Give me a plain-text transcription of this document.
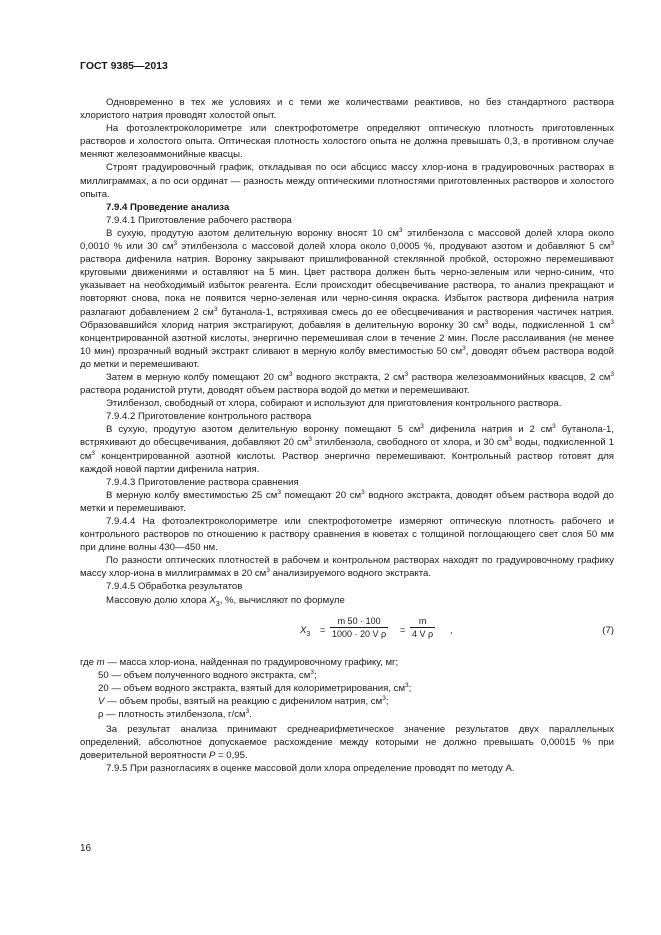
ГОСТ 9385—2013

Одновременно в тех же условиях и с теми же количествами реактивов, но без стандартного раствора хлористого натрия проводят холостой опыт.

На фотоэлектроколориметре или спектрофотометре определяют оптическую плотность приготовленных растворов и холостого опыта. Оптическая плотность холостого опыта не должна превышать 0,3, в противном случае меняют железоаммонийные квасцы.

Строят градуировочный график, откладывая по оси абсцисс массу хлор-иона в градуировочных растворах в миллиграммах, а по оси ординат — разность между оптическими плотностями приготовленных растворов и холостого опыта.

7.9.4 Проведение анализа

7.9.4.1 Приготовление рабочего раствора

В сухую, продутую азотом делительную воронку вносят 10 $см^3$ этилбензола с массовой долей хлора около 0,0010 % или 30 $см^3$ этилбензола с массовой долей хлора около 0,0005 %, продувают азотом и добавляют 5 $см^3$ раствора дифенила натрия. Воронку закрывают пришлифованной стеклянной пробкой, осторожно перемешивают круговыми движениями и оставляют на 5 мин. Цвет раствора должен быть черно-зеленым или черно-синим, что указывает на необходимый избыток реагента. Если происходит обесцвечивание раствора, то анализ прекращают и повторяют снова, пока не появится черно-зеленая или черно-синяя окраска. Избыток раствора дифенила натрия разлагают добавлением 2 $см^3$ бутанола-1, встряхивая смесь до ее обесцвечивания и растворения частичек натрия. Образовавшийся хлорид натрия экстрагируют, добавляя в делительную воронку 30 $см^3$ воды, подкисленной 1 $см^3$ концентрированной азотной кислоты, энергично перемешивая слои в течение 2 мин. После расслаивания (не менее 10 мин) прозрачный водный экстракт сливают в мерную колбу вместимостью 50 $см^3$, доводят объем раствора водой до метки и перемешивают.

Затем в мерную колбу помещают 20 $см^3$ водного экстракта, 2 $см^3$ раствора железоаммонийных квасцов, 2 $см^3$ раствора роданистой ртути, доводят объем раствора водой до метки и перемешивают.

Этилбензол, свободный от хлора, собирают и используют для приготовления контрольного раствора.

7.9.4.2 Приготовление контрольного раствора

В сухую, продутую азотом делительную воронку помещают 5 $см^3$ дифенила натрия и 2 $см^3$ бутанола-1, встряхивают до обесцвечивания, добавляют 20 $см^3$ этилбензола, свободного от хлора, и 30 $см^3$ воды, подкисленной 1 $см^3$ концентрированной азотной кислоты. Раствор энергично перемешивают. Контрольный раствор готовят для каждой новой партии дифенила натрия.

7.9.4.3 Приготовление раствора сравнения

В мерную колбу вместимостью 25 $см^3$ помещают 20 $см^3$ водного экстракта, доводят объем раствора водой до метки и перемешивают.

7.9.4.4 На фотоэлектроколориметре или спектрофотометре измеряют оптическую плотность рабочего и контрольного растворов по отношению к раствору сравнения в кюветах с толщиной поглощающего свет слоя 50 мм при длине волны 430—450 нм.

По разности оптических плотностей в рабочем и контрольном растворах находят по градуировочному графику массу хлор-иона в миллиграммах в 20 $см^3$ анализируемого водного экстракта.

7.9.4.5 Обработка результатов

Массовую долю хлора $X_3$, %, вычисляют по формуле

$X_3 = \frac{m 50 \cdot 100}{\text{1000 · 20 V ρ}} = \frac{m}{\text{4 V ρ}}$ ,	(7)

где m — масса хлор-иона, найденная по градуировочному графику, мг;

50 — объем полученного водного экстракта, $см^3$;

20 — объем водного экстракта, взятый для колориметрирования, $см^3$;

V — объем пробы, взятый на реакцию с дифенилом натрия, $см^3$;

ρ — плотность этилбензола, $г/см^3$.

За результат анализа принимают среднеарифметическое значение результатов двух параллельных определений, абсолютное допускаемое расхождение между которыми не должно превышать 0,00015 % при доверительной вероятности P = 0,95.

7.9.5 При разногласиях в оценке массовой доли хлора определение проводят по методу А.

16
